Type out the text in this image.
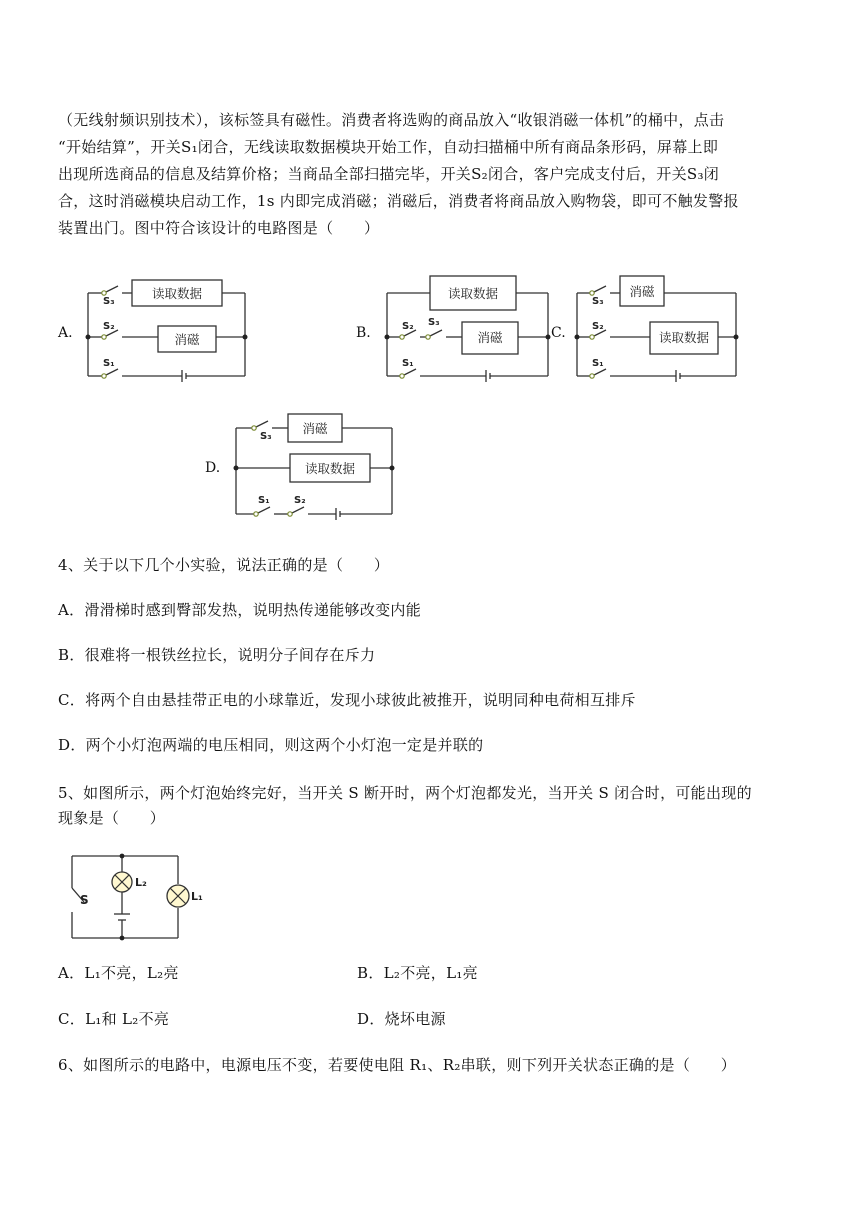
（无线射频识别技术），该标签具有磁性。消费者将选购的商品放入“收银消磁一体机”的桶中，点击
“开始结算”，开关S₁闭合，无线读取数据模块开始工作，自动扫描桶中所有商品条形码，屏幕上即
出现所选商品的信息及结算价格；当商品全部扫描完毕，开关S₂闭合，客户完成支付后，开关S₃闭
合，这时消磁模块启动工作，1s 内即完成消磁；消磁后，消费者将商品放入购物袋，即可不触发警报
装置出门。图中符合该设计的电路图是（　　）
A.	B.	C.
D.
读取数据
消磁
读取数据
消磁
消磁
读取数据
消磁
读取数据
S₃
S₂
S₁
S₂ S₃
S₁
S₃
S₂
S₁
S₃
S₁ S₂
4、关于以下几个小实验，说法正确的是（　　）
A．滑滑梯时感到臀部发热，说明热传递能够改变内能
B．很难将一根铁丝拉长，说明分子间存在斥力
C．将两个自由悬挂带正电的小球靠近，发现小球彼此被推开，说明同种电荷相互排斥
D．两个小灯泡两端的电压相同，则这两个小灯泡一定是并联的
5、如图所示，两个灯泡始终完好，当开关 S 断开时，两个灯泡都发光，当开关 S 闭合时，可能出现的
现象是（　　）
S
L₂
L₁
A．L₁不亮，L₂亮	B．L₂不亮，L₁亮
C．L₁和 L₂不亮	D．烧坏电源
6、如图所示的电路中，电源电压不变，若要使电阻 R₁、R₂串联，则下列开关状态正确的是（　　）
